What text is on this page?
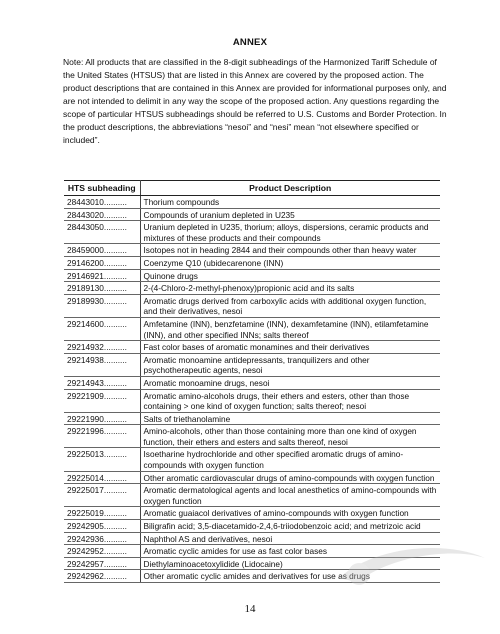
ANNEX

Note: All products that are classified in the 8-digit subheadings of the Harmonized Tariff Schedule of the United States (HTSUS) that are listed in this Annex are covered by the proposed action. The product descriptions that are contained in this Annex are provided for informational purposes only, and are not intended to delimit in any way the scope of the proposed action. Any questions regarding the scope of particular HTSUS subheadings should be referred to U.S. Customs and Border Protection. In the product descriptions, the abbreviations “nesoi” and “nesi” mean “not elsewhere specified or included”.

HTS subheading	Product Description
28443010..........	Thorium compounds
28443020..........	Compounds of uranium depleted in U235
28443050..........	Uranium depleted in U235, thorium; alloys, dispersions, ceramic products and mixtures of these products and their compounds
28459000..........	Isotopes not in heading 2844 and their compounds other than heavy water
29146200..........	Coenzyme Q10 (ubidecarenone (INN)
29146921..........	Quinone drugs
29189130..........	2-(4-Chloro-2-methyl-phenoxy)propionic acid and its salts
29189930..........	Aromatic drugs derived from carboxylic acids with additional oxygen function, and their derivatives, nesoi
29214600..........	Amfetamine (INN), benzfetamine (INN), dexamfetamine (INN), etilamfetamine (INN), and other specified INNs; salts thereof
29214932..........	Fast color bases of aromatic monamines and their derivatives
29214938..........	Aromatic monoamine antidepressants, tranquilizers and other psychotherapeutic agents, nesoi
29214943..........	Aromatic monoamine drugs, nesoi
29221909..........	Aromatic amino-alcohols drugs, their ethers and esters, other than those containing > one kind of oxygen function; salts thereof; nesoi
29221990..........	Salts of triethanolamine
29221996..........	Amino-alcohols, other than those containing more than one kind of oxygen function, their ethers and esters and salts thereof, nesoi
29225013..........	Isoetharine hydrochloride and other specified aromatic drugs of amino-compounds with oxygen function
29225014..........	Other aromatic cardiovascular drugs of amino-compounds with oxygen function
29225017..........	Aromatic dermatological agents and local anesthetics of amino-compounds with oxygen function
29225019..........	Aromatic guaiacol derivatives of amino-compounds with oxygen function
29242905..........	Biligrafin acid; 3,5-diacetamido-2,4,6-triiodobenzoic acid; and metrizoic acid
29242936..........	Naphthol AS and derivatives, nesoi
29242952..........	Aromatic cyclic amides for use as fast color bases
29242957..........	Diethylaminoacetoxylidide (Lidocaine)
29242962..........	Other aromatic cyclic amides and derivatives for use as drugs
14
